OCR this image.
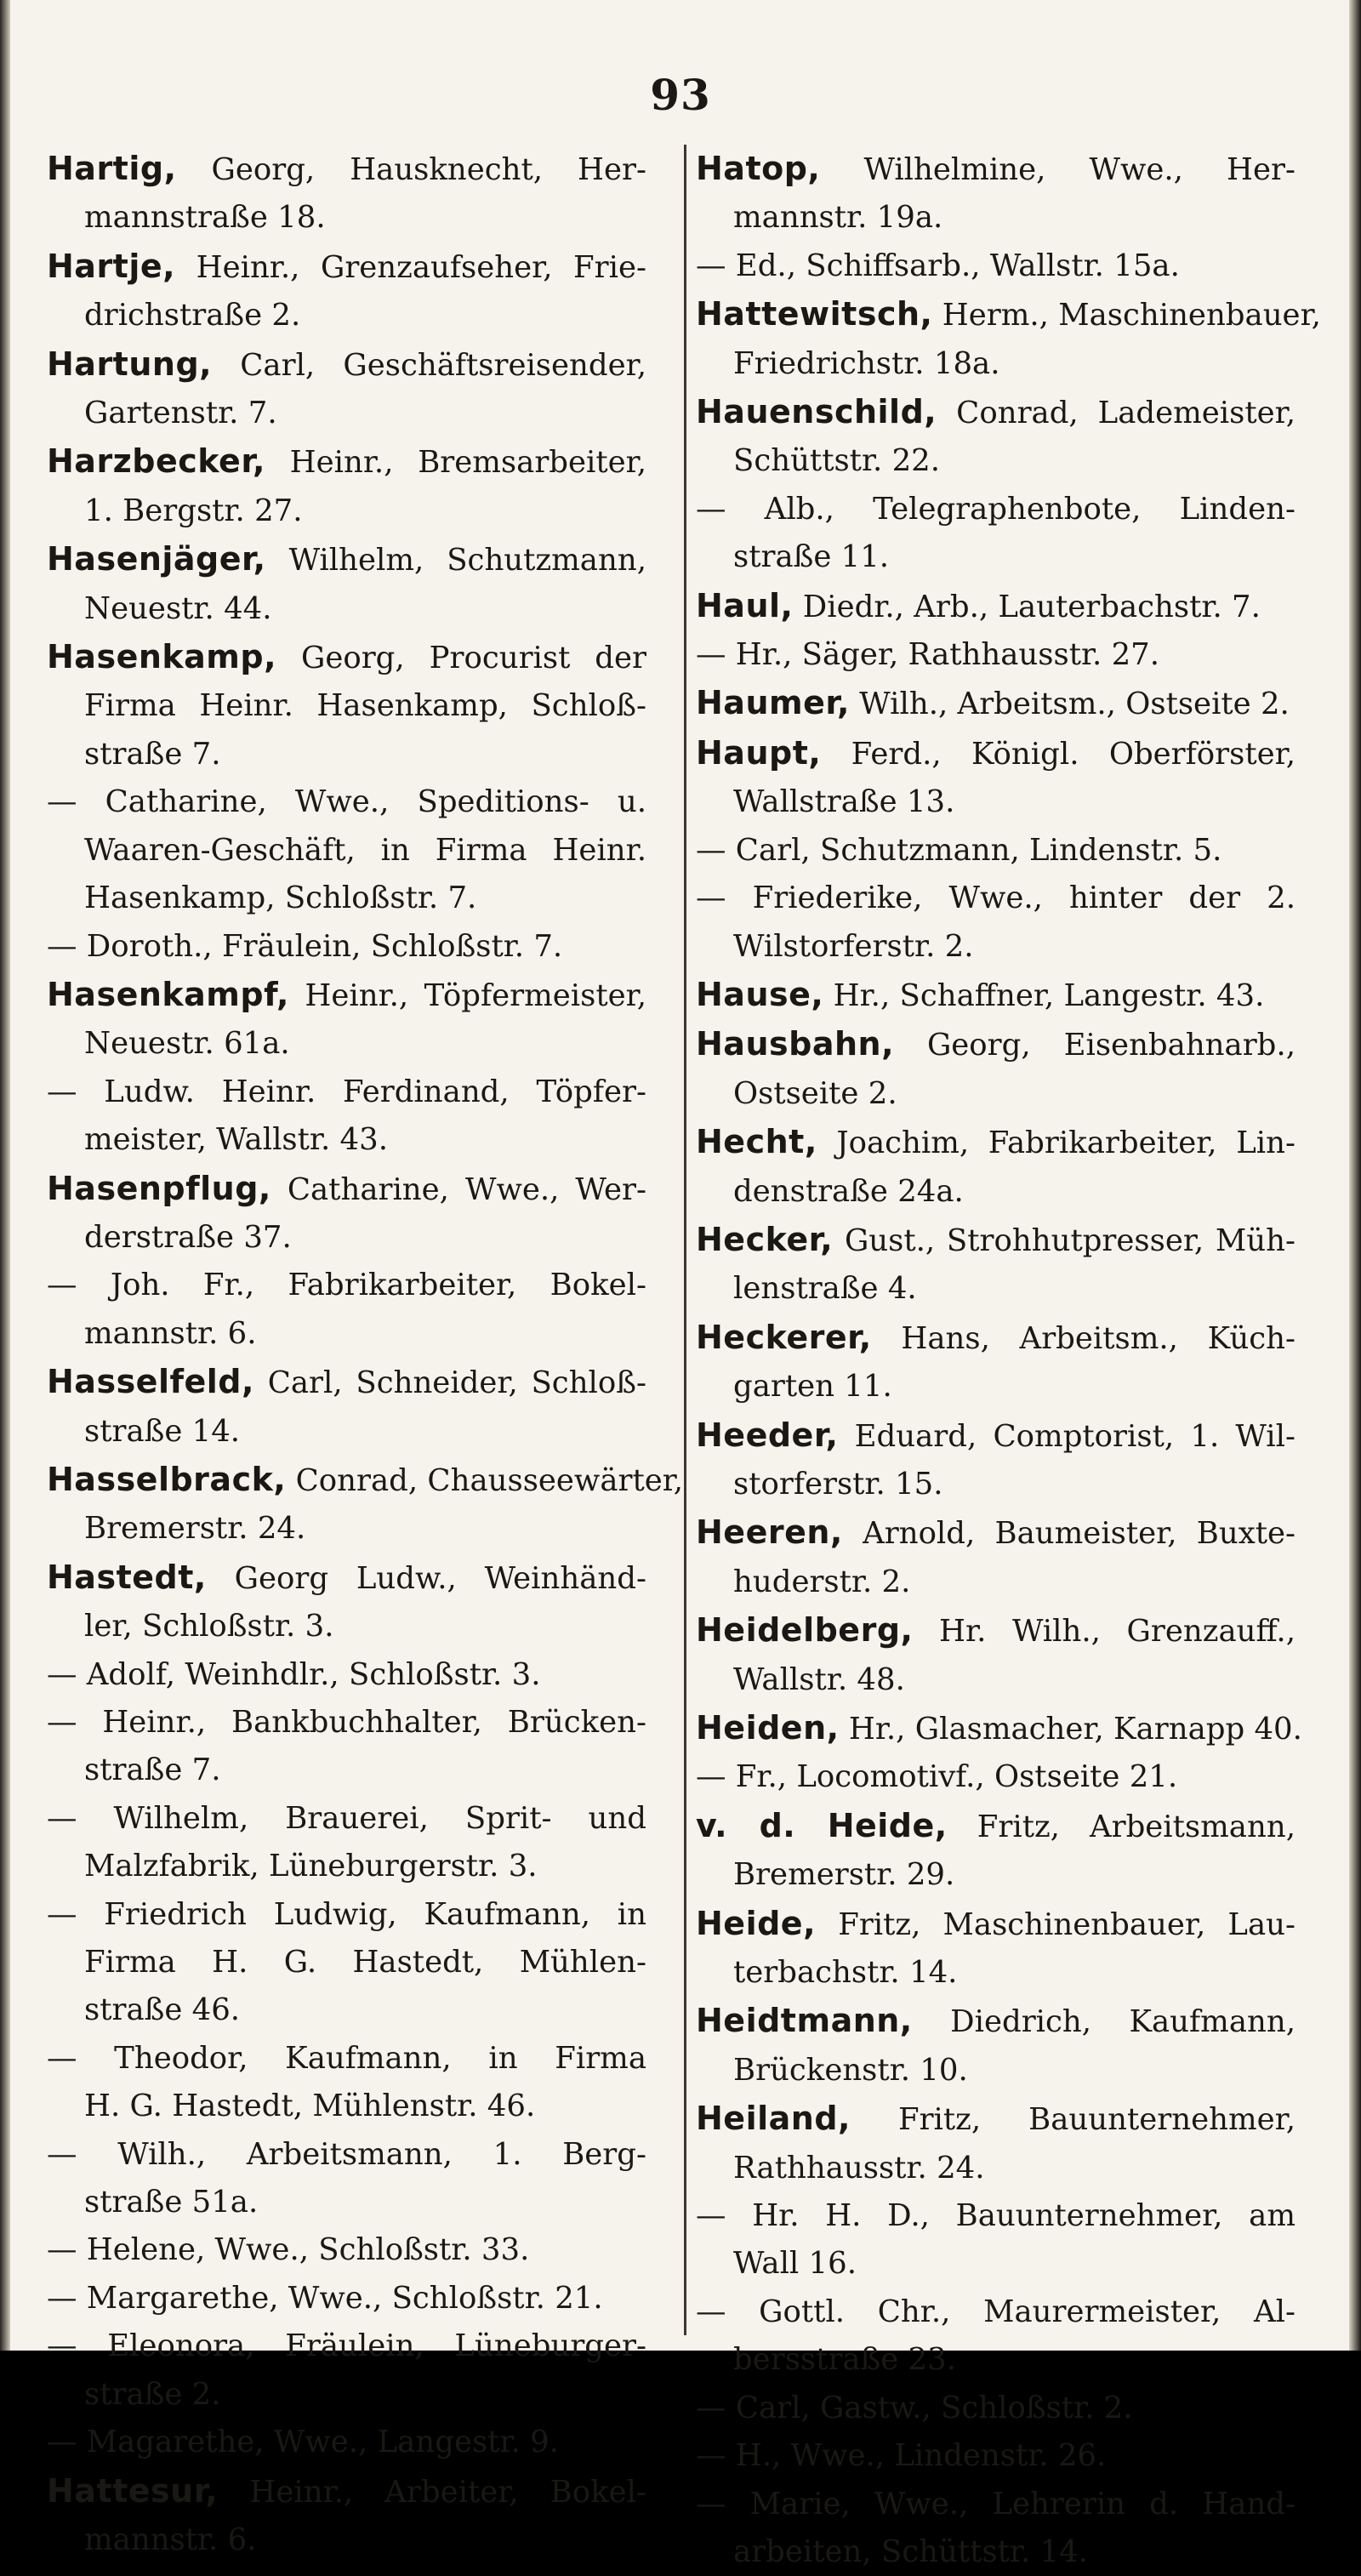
93
Hartig, Georg, Hausknecht, Her-
mannstraße 18.
Hartje, Heinr., Grenzaufseher, Frie-
drichstraße 2.
Hartung, Carl, Geschäftsreisender,
Gartenstr. 7.
Harzbecker, Heinr., Bremsarbeiter,
1. Bergstr. 27.
Hasenjäger, Wilhelm, Schutzmann,
Neuestr. 44.
Hasenkamp, Georg, Procurist der
Firma Heinr. Hasenkamp, Schloß-
straße 7.
— Catharine, Wwe., Speditions- u.
Waaren-Geschäft, in Firma Heinr.
Hasenkamp, Schloßstr. 7.
— Doroth., Fräulein, Schloßstr. 7.
Hasenkampf, Heinr., Töpfermeister,
Neuestr. 61a.
— Ludw. Heinr. Ferdinand, Töpfer-
meister, Wallstr. 43.
Hasenpflug, Catharine, Wwe., Wer-
derstraße 37.
— Joh. Fr., Fabrikarbeiter, Bokel-
mannstr. 6.
Hasselfeld, Carl, Schneider, Schloß-
straße 14.
Hasselbrack, Conrad, Chausseewärter,
Bremerstr. 24.
Hastedt, Georg Ludw., Weinhänd-
ler, Schloßstr. 3.
— Adolf, Weinhdlr., Schloßstr. 3.
— Heinr., Bankbuchhalter, Brücken-
straße 7.
— Wilhelm, Brauerei, Sprit- und
Malzfabrik, Lüneburgerstr. 3.
— Friedrich Ludwig, Kaufmann, in
Firma H. G. Hastedt, Mühlen-
straße 46.
— Theodor, Kaufmann, in Firma
H. G. Hastedt, Mühlenstr. 46.
— Wilh., Arbeitsmann, 1. Berg-
straße 51a.
— Helene, Wwe., Schloßstr. 33.
— Margarethe, Wwe., Schloßstr. 21.
— Eleonora, Fräulein, Lüneburger-
straße 2.
— Magarethe, Wwe., Langestr. 9.
Hattesur, Heinr., Arbeiter, Bokel-
mannstr. 6.
Hatop, Wilhelmine, Wwe., Her-
mannstr. 19a.
— Ed., Schiffsarb., Wallstr. 15a.
Hattewitsch, Herm., Maschinenbauer,
Friedrichstr. 18a.
Hauenschild, Conrad, Lademeister,
Schüttstr. 22.
— Alb., Telegraphenbote, Linden-
straße 11.
Haul, Diedr., Arb., Lauterbachstr. 7.
— Hr., Säger, Rathhausstr. 27.
Haumer, Wilh., Arbeitsm., Ostseite 2.
Haupt, Ferd., Königl. Oberförster,
Wallstraße 13.
— Carl, Schutzmann, Lindenstr. 5.
— Friederike, Wwe., hinter der 2.
Wilstorferstr. 2.
Hause, Hr., Schaffner, Langestr. 43.
Hausbahn, Georg, Eisenbahnarb.,
Ostseite 2.
Hecht, Joachim, Fabrikarbeiter, Lin-
denstraße 24a.
Hecker, Gust., Strohhutpresser, Müh-
lenstraße 4.
Heckerer, Hans, Arbeitsm., Küch-
garten 11.
Heeder, Eduard, Comptorist, 1. Wil-
storferstr. 15.
Heeren, Arnold, Baumeister, Buxte-
huderstr. 2.
Heidelberg, Hr. Wilh., Grenzauff.,
Wallstr. 48.
Heiden, Hr., Glasmacher, Karnapp 40.
— Fr., Locomotivf., Ostseite 21.
v. d. Heide, Fritz, Arbeitsmann,
Bremerstr. 29.
Heide, Fritz, Maschinenbauer, Lau-
terbachstr. 14.
Heidtmann, Diedrich, Kaufmann,
Brückenstr. 10.
Heiland, Fritz, Bauunternehmer,
Rathhausstr. 24.
— Hr. H. D., Bauunternehmer, am
Wall 16.
— Gottl. Chr., Maurermeister, Al-
bersstraße 23.
— Carl, Gastw., Schloßstr. 2.
— H., Wwe., Lindenstr. 26.
— Marie, Wwe., Lehrerin d. Hand-
arbeiten, Schüttstr. 14.
